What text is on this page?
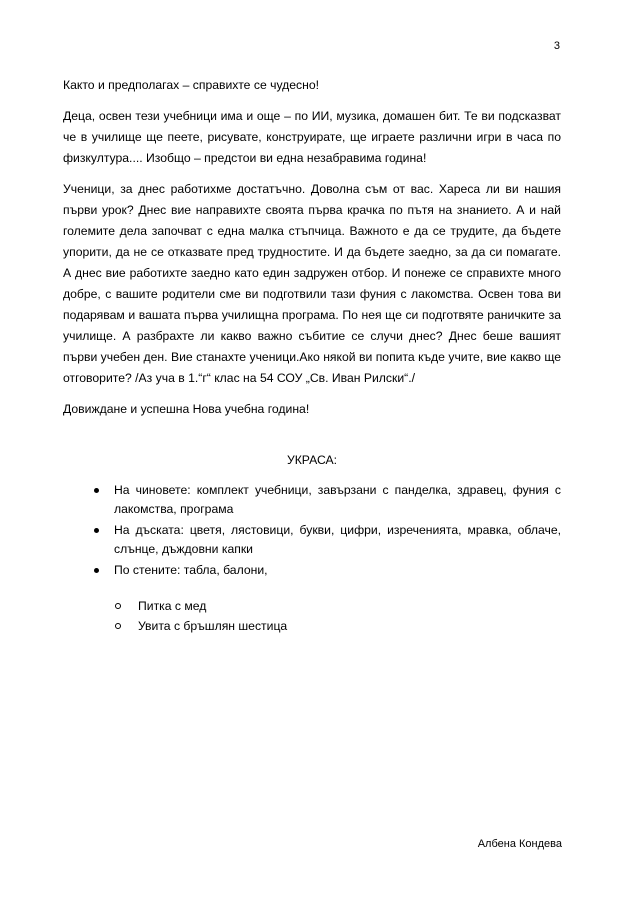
3

Както и предполагах – справихте се чудесно!

Деца, освен тези учебници има и още – по ИИ, музика, домашен бит. Те ви подсказват че в училище ще пеете, рисувате, конструирате, ще играете различни игри в часа по физкултура.... Изобщо – предстои ви една незабравима година!

Ученици, за днес работихме достатъчно. Доволна съм от вас. Хареса ли ви нашия първи урок? Днес вие направихте своята първа крачка по пътя на знанието. А и най големите дела започват с една малка стъпчица. Важното е да се трудите, да бъдете упорити, да не се отказвате пред трудностите. И да бъдете заедно, за да си помагате. А днес вие работихте заедно като един задружен отбор. И понеже се справихте много добре, с вашите родители сме ви подготвили тази фуния с лакомства. Освен това ви подарявам и вашата първа училищна програма. По нея ще си подготвяте раничките за училище. А разбрахте ли какво важно събитие се случи днес? Днес беше вашият първи учебен ден. Вие станахте ученици.Ако някой ви попита къде учите, вие какво ще отговорите? /Аз уча в 1.“г“ клас на 54 СОУ „Св. Иван Рилски“./

Довиждане и успешна Нова учебна година!

УКРАСА:
На чиновете: комплект учебници, завързани с панделка, здравец, фуния с лакомства, програма
На дъската: цветя, лястовици, букви, цифри, изреченията, мравка, облаче, слънце, дъждовни капки
По стените: табла, балони,
Питка с мед
Увита с бръшлян шестица
Албена Кондева
